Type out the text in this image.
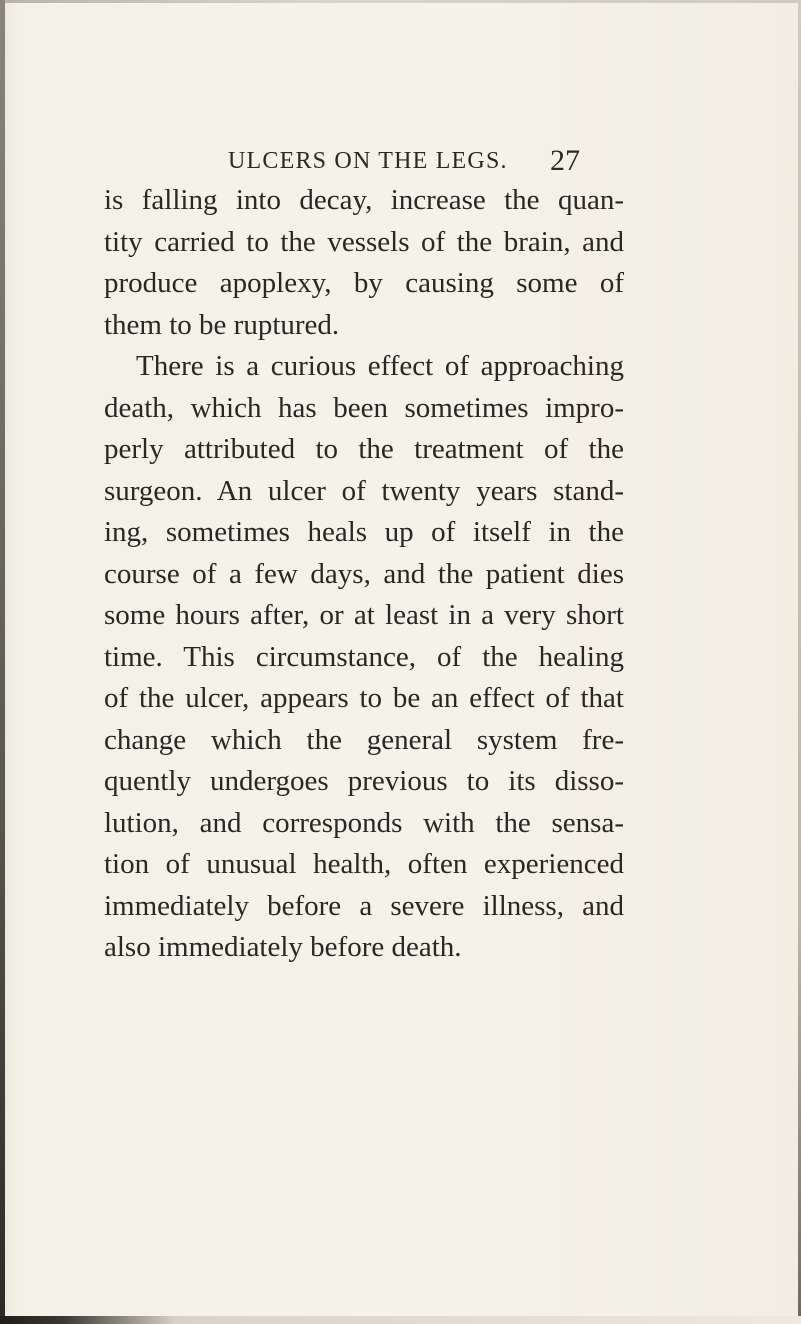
ULCERS ON THE LEGS. 27
is falling into decay, increase the quan-
tity carried to the vessels of the brain, and
produce apoplexy, by causing some of
them to be ruptured.
There is a curious effect of approaching
death, which has been sometimes impro-
perly attributed to the treatment of the
surgeon. An ulcer of twenty years stand-
ing, sometimes heals up of itself in the
course of a few days, and the patient dies
some hours after, or at least in a very short
time. This circumstance, of the healing
of the ulcer, appears to be an effect of that
change which the general system fre-
quently undergoes previous to its disso-
lution, and corresponds with the sensa-
tion of unusual health, often experienced
immediately before a severe illness, and
also immediately before death.
